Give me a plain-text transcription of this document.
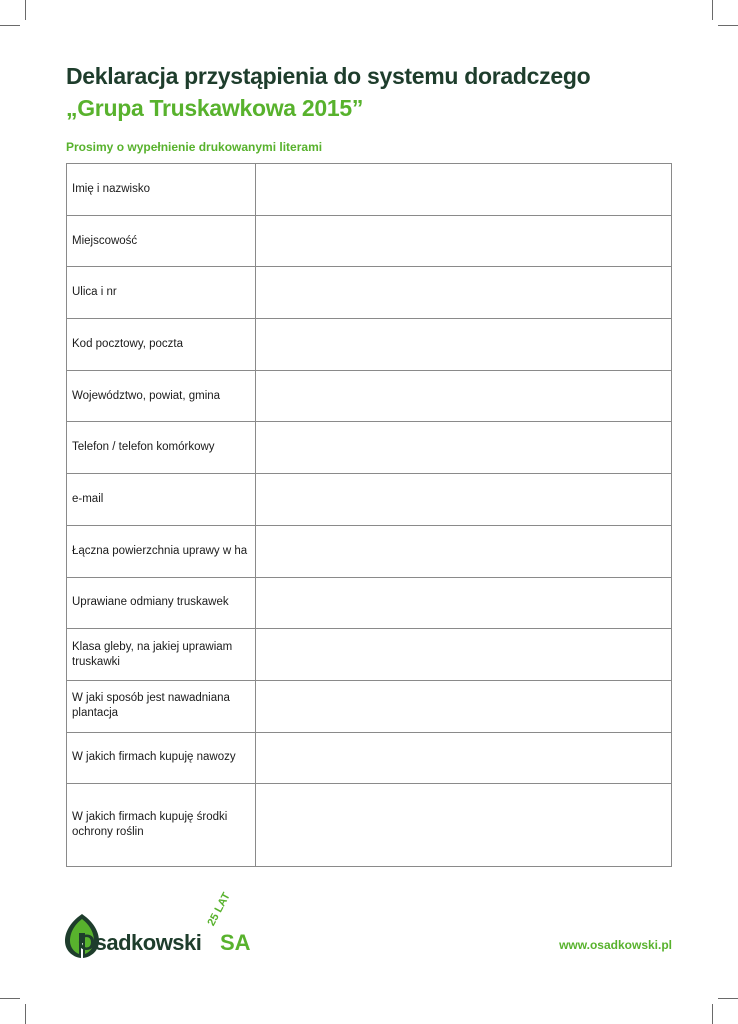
Deklaracja przystąpienia do systemu doradczego
„Grupa Truskawkowa 2015”
Prosimy o wypełnienie drukowanymi literami
Imię i nazwisko	
Miejscowość	
Ulica i nr	
Kod pocztowy, poczta	
Województwo, powiat, gmina	
Telefon / telefon komórkowy	
e-mail	
Łączna powierzchnia uprawy w ha	
Uprawiane odmiany truskawek	
Klasa gleby, na jakiej uprawiam truskawki	
W jaki sposób jest nawadniana plantacja	
W jakich firmach kupuję nawozy	
W jakich firmach kupuję środki ochrony roślin	
Osadkowski
25 LAT
SA	www.osadkowski.pl
